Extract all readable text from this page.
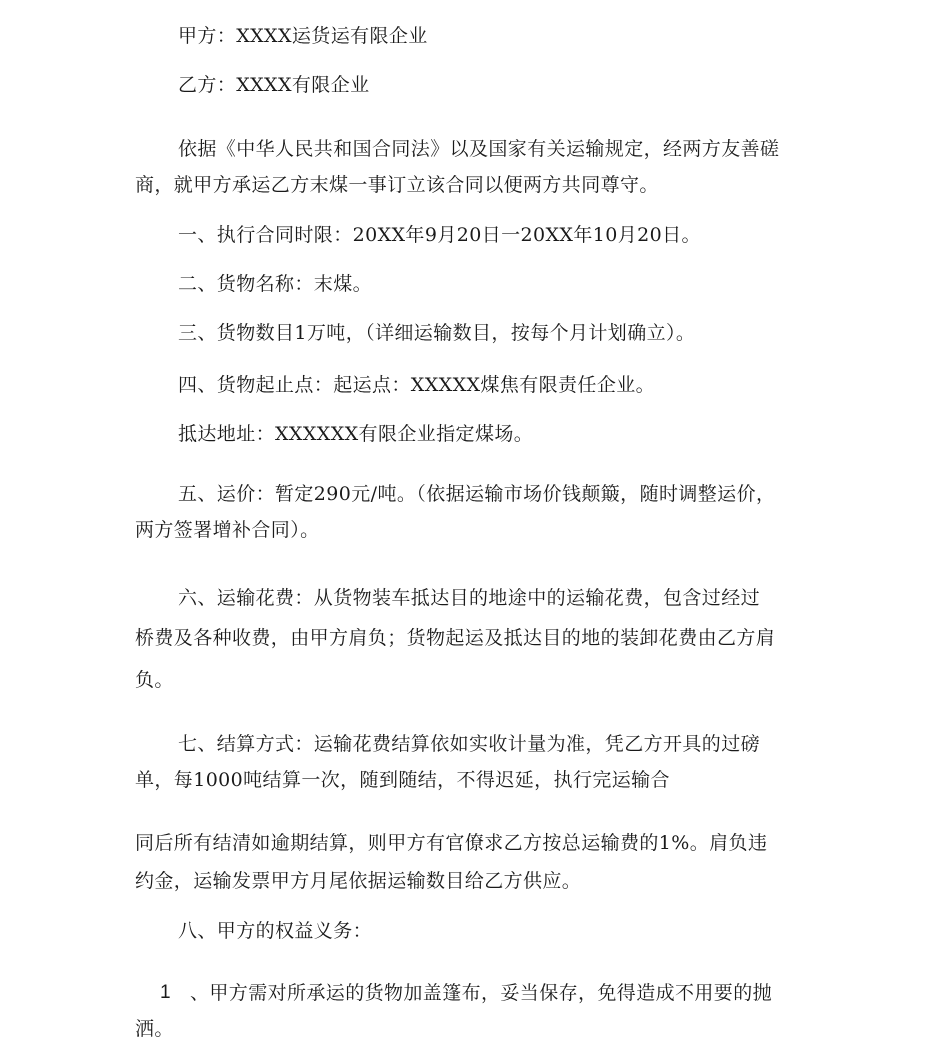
甲方：XXXX运货运有限企业
乙方：XXXX有限企业
依据《中华人民共和国合同法》以及国家有关运输规定，经两方友善磋
商，就甲方承运乙方末煤一事订立该合同以便两方共同尊守。
一、执行合同时限：20XX年9月20日一20XX年10月20日。
二、货物名称：末煤。
三、货物数目1万吨，（详细运输数目，按每个月计划确立）。
四、货物起止点：起运点：XXXXX煤焦有限责任企业。
抵达地址：XXXXXX有限企业指定煤场。
五、运价：暂定290元/吨。（依据运输市场价钱颠簸，随时调整运价，
两方签署增补合同）。
六、运输花费：从货物装车抵达目的地途中的运输花费，包含过经过
桥费及各种收费，由甲方肩负；货物起运及抵达目的地的装卸花费由乙方肩
负。
七、结算方式：运输花费结算依如实收计量为准，凭乙方开具的过磅
单，每1000吨结算一次，随到随结，不得迟延，执行完运输合
同后所有结清如逾期结算，则甲方有官僚求乙方按总运输费的1%。肩负违
约金，运输发票甲方月尾依据运输数目给乙方供应。
八、甲方的权益义务：
1 、甲方需对所承运的货物加盖篷布，妥当保存，免得造成不用要的抛
洒。
